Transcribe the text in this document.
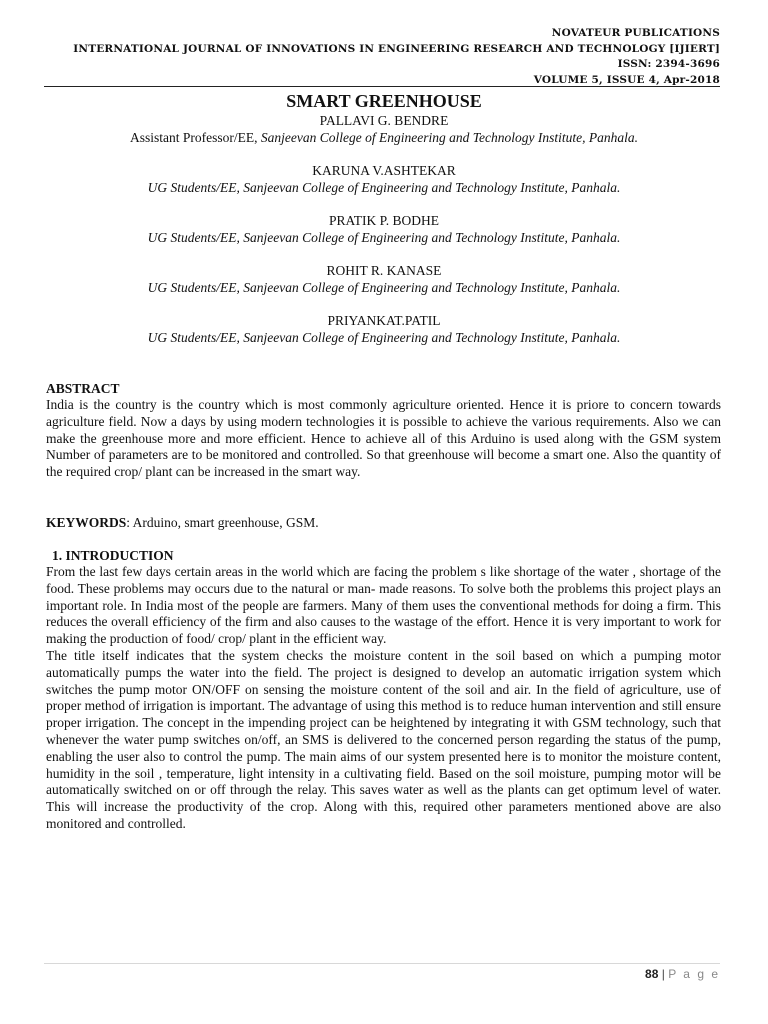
NOVATEUR PUBLICATIONS
INTERNATIONAL JOURNAL OF INNOVATIONS IN ENGINEERING RESEARCH AND TECHNOLOGY [IJIERT]
ISSN: 2394-3696
VOLUME 5, ISSUE 4, Apr-2018
SMART GREENHOUSE
PALLAVI G. BENDRE
Assistant Professor/EE, Sanjeevan College of Engineering and Technology Institute, Panhala.
KARUNA V.ASHTEKAR
UG Students/EE, Sanjeevan College of Engineering and Technology Institute, Panhala.
PRATIK P. BODHE
UG Students/EE, Sanjeevan College of Engineering and Technology Institute, Panhala.
ROHIT R. KANASE
UG Students/EE, Sanjeevan College of Engineering and Technology Institute, Panhala.
PRIYANKAT.PATIL
UG Students/EE, Sanjeevan College of Engineering and Technology Institute, Panhala.
ABSTRACT
India is the country is the country which is most commonly agriculture oriented. Hence it is priore to concern towards agriculture field. Now a days by using modern technologies it is possible to achieve the various requirements. Also we can make the greenhouse more and more efficient. Hence to achieve all of this Arduino is used along with the GSM system Number of parameters are to be monitored and controlled. So that greenhouse will become a smart one. Also the quantity of the required crop/ plant can be increased in the smart way.
KEYWORDS: Arduino, smart greenhouse, GSM.
1. INTRODUCTION

From the last few days certain areas in the world which are facing the problem s like shortage of the water , shortage of the food. These problems may occurs due to the natural or man- made reasons. To solve both the problems this project plays an important role. In India most of the people are farmers. Many of them uses the conventional methods for doing a firm. This reduces the overall efficiency of the firm and also causes to the wastage of the effort. Hence it is very important to work for making the production of food/ crop/ plant in the efficient way.

The title itself indicates that the system checks the moisture content in the soil based on which a pumping motor automatically pumps the water into the field. The project is designed to develop an automatic irrigation system which switches the pump motor ON/OFF on sensing the moisture content of the soil and air. In the field of agriculture, use of proper method of irrigation is important. The advantage of using this method is to reduce human intervention and still ensure proper irrigation. The concept in the impending project can be heightened by integrating it with GSM technology, such that whenever the water pump switches on/off, an SMS is delivered to the concerned person regarding the status of the pump, enabling the user also to control the pump. The main aims of our system presented here is to monitor the moisture content, humidity in the soil , temperature, light intensity in a cultivating field. Based on the soil moisture, pumping motor will be automatically switched on or off through the relay. This saves water as well as the plants can get optimum level of water. This will increase the productivity of the crop. Along with this, required other parameters mentioned above are also monitored and controlled.

88 | P a g e
